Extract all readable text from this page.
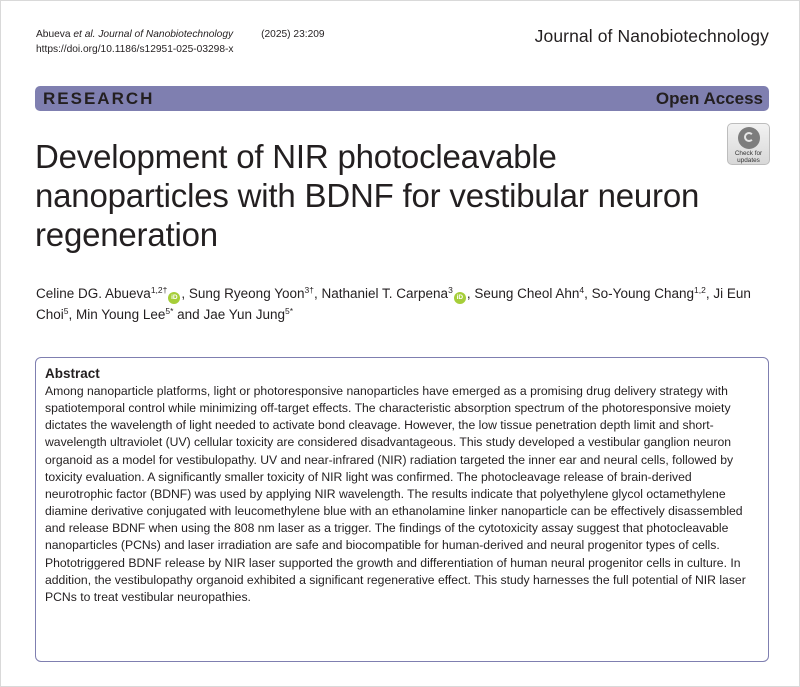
Abueva et al. Journal of Nanobiotechnology	(2025) 23:209
https://doi.org/10.1186/s12951-025-03298-x
Journal of Nanobiotechnology
RESEARCH	Open Access
Check for
updates
Development of NIR photocleavable nanoparticles with BDNF for vestibular neuron regeneration
Celine DG. Abueva$^{1,2\dagger}$iD , Sung Ryeong Yoon$^{3\dagger}$, Nathaniel T. Carpena$^3$iD , Seung Cheol Ahn$^4$, So-Young Chang$^{1,2}$, Ji Eun Choi$^5$, Min Young Lee$^{5*}$ and Jae Yun Jung$^{5*}$
Abstract
Among nanoparticle platforms, light or photoresponsive nanoparticles have emerged as a promising drug delivery strategy with spatiotemporal control while minimizing off-target effects. The characteristic absorption spectrum of the photoresponsive moiety dictates the wavelength of light needed to activate bond cleavage. However, the low tissue penetration depth limit and short-wavelength ultraviolet (UV) cellular toxicity are considered disadvantageous. This study developed a vestibular ganglion neuron organoid as a model for vestibulopathy. UV and near-infrared (NIR) radiation targeted the inner ear and neural cells, followed by toxicity evaluation. A significantly smaller toxicity of NIR light was confirmed. The photocleavage release of brain-derived neurotrophic factor (BDNF) was used by applying NIR wavelength. The results indicate that polyethylene glycol octamethylene diamine derivative conjugated with leucomethylene blue with an ethanolamine linker nanoparticle can be effectively disassembled and release BDNF when using the 808 nm laser as a trigger. The findings of the cytotoxicity assay suggest that photocleavable nanoparticles (PCNs) and laser irradiation are safe and biocompatible for human-derived and neural progenitor types of cells. Phototriggered BDNF release by NIR laser supported the growth and differentiation of human neural progenitor cells in culture. In addition, the vestibulopathy organoid exhibited a significant regenerative effect. This study harnesses the full potential of NIR laser PCNs to treat vestibular neuropathies.
